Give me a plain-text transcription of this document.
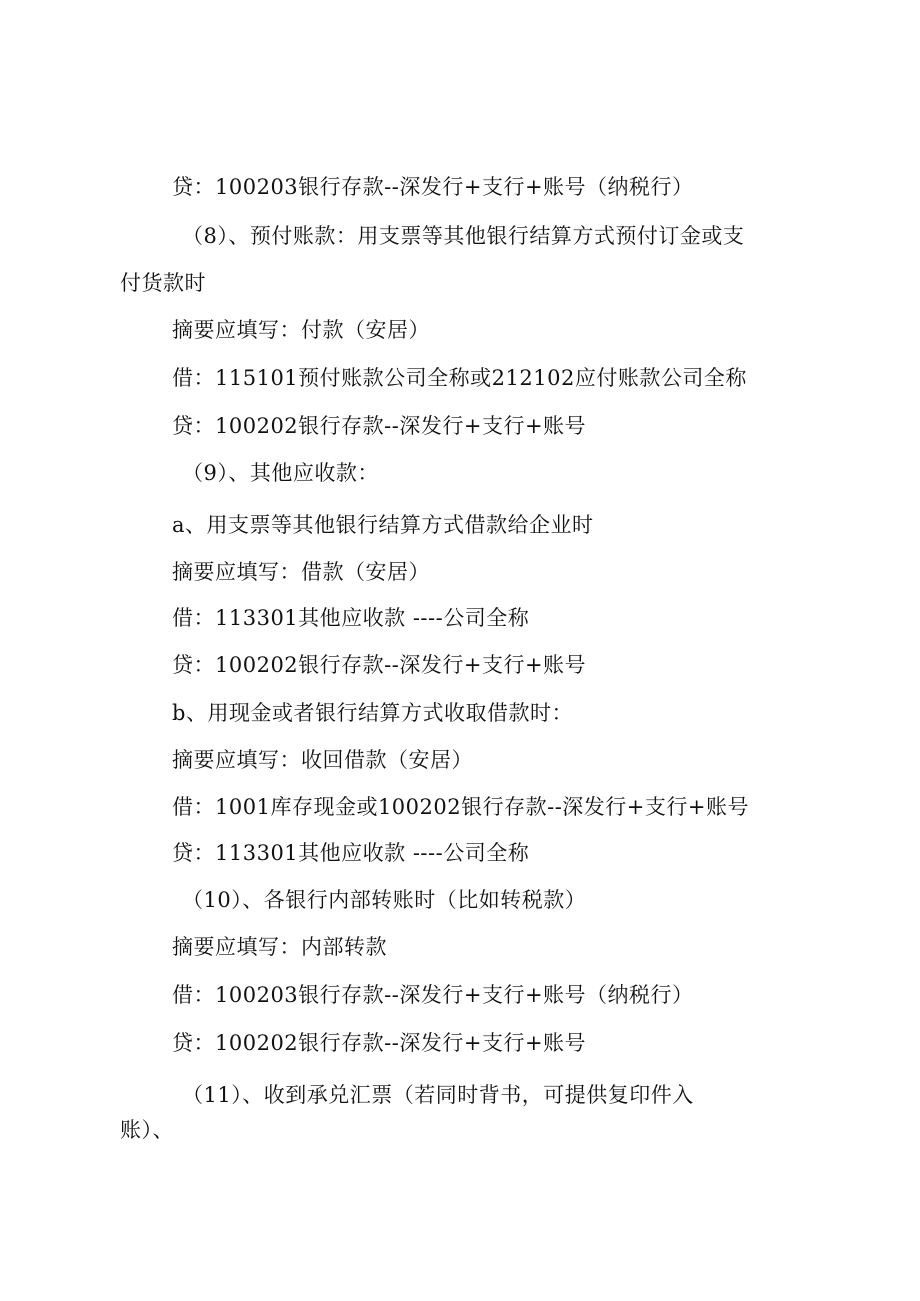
贷：100203银行存款--深发行+支行+账号（纳税行）
（8）、预付账款：用支票等其他银行结算方式预付订金或支
付货款时
摘要应填写：付款（安居）
借：115101预付账款公司全称或212102应付账款公司全称
贷：100202银行存款--深发行+支行+账号
（9）、其他应收款：
a、用支票等其他银行结算方式借款给企业时
摘要应填写：借款（安居）
借：113301其他应收款 ----公司全称
贷：100202银行存款--深发行+支行+账号
b、用现金或者银行结算方式收取借款时：
摘要应填写：收回借款（安居）
借：1001库存现金或100202银行存款--深发行+支行+账号
贷：113301其他应收款 ----公司全称
（10）、各银行内部转账时（比如转税款）
摘要应填写：内部转款
借：100203银行存款--深发行+支行+账号（纳税行）
贷：100202银行存款--深发行+支行+账号
（11）、收到承兑汇票（若同时背书，可提供复印件入
账）、
